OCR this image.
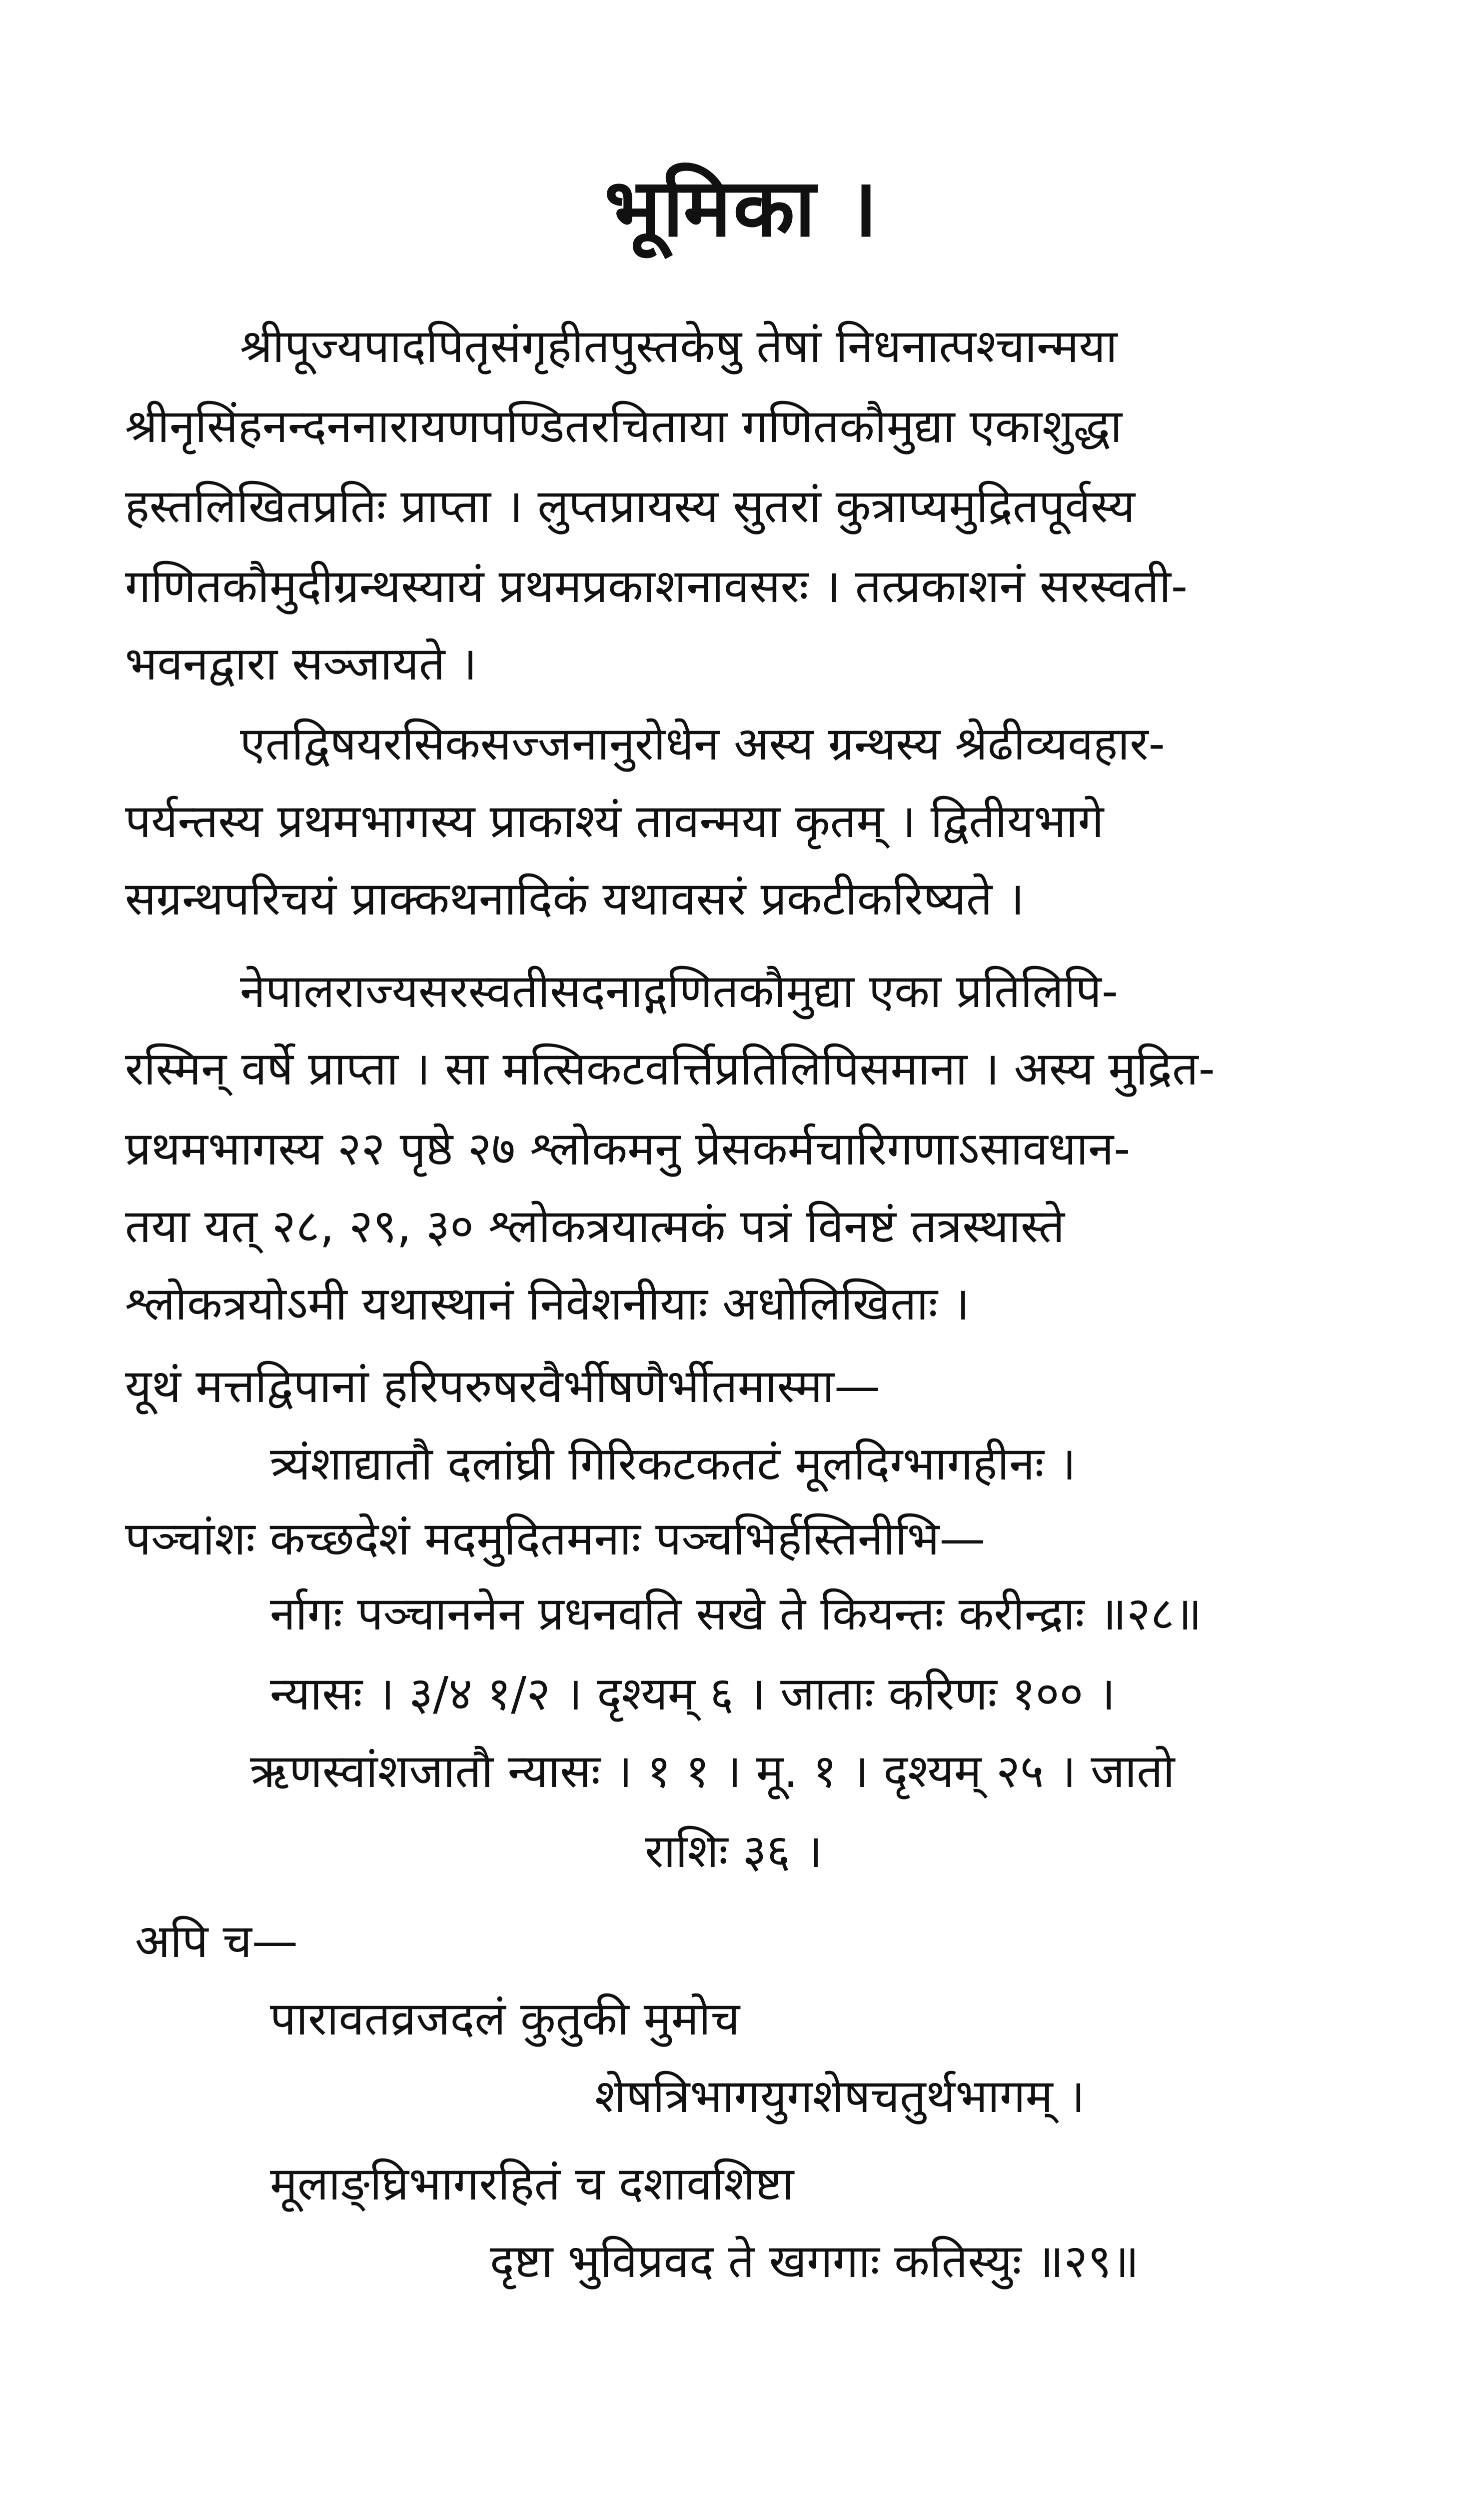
भूमिका ।
श्रीपूज्यपादपितृसंगृहीतपुस्तकेषु तेषां निधनात्पश्चान्मया
श्रीनृसिंहनन्दननारायणपण्डितरचिताया गणितकौमुद्या एकाशुद्धा
हस्तलिखितप्रतिः प्राप्ता । लुप्तप्रायस्य सुतरां कुत्राप्यमुद्रितपूर्वस्य
गणितकौमुदीग्रन्थस्यायं प्रथमप्रकाशनावसरः । तत्प्रकाशनं सरस्वती-
भवनद्वारा सञ्जायते ।
एतद्विषयरसिकसज्जनानुरोधेन अस्य ग्रन्थस्य श्रेढीव्यवहार-
पर्यन्तस्य प्रथमभागस्य प्राकाश्यं तावन्मया कृतम् । द्वितीयभागे
सग्रन्थपरिचयं प्राक्कथनादिकं यथावसरं प्रकटीकरिष्यते ।
नेपालराज्यसरस्वतीसदनाद्गणितकौमुद्या एका प्रतिलिपि-
रस्मिन् वर्षे प्राप्ता । सा मत्सिकटवर्त्तिप्रतिलिपिसमाना । अस्य मुद्रित-
प्रथमभागस्य २२ पृष्ठे २७ श्लोकमनु प्रेसकर्मचारिगणाऽसावधान-
तया यत् २८, २९, ३० श्लोकत्रयात्मकं पत्रं विनष्टं तत्रस्थास्ते
श्लोकत्रयोऽमी यथास्थानं निवेशनीयाः अधोलिखिताः ।
यूथं मत्तद्विपानां हरिपरुषरवैर्भीषणैर्भीतमास्मा—
त्र्यंशाद्यातौ दलांघ्री गिरिकटकतटं मूलदिग्भागहीनः ।
पञ्चांशः कच्छदेशं मदमुदितमनाः पञ्चभिर्हस्तिनीभि—
र्नागः पञ्चाननेन प्रधनवति सखे ते कियन्तः करीन्द्राः ॥२८॥
न्यासः । ३/४ १/२ । दृश्यम् ६ । जाताः करिणः १०० ।
ऋणस्वांशजातौ न्यासः । १ १ । मू. १ । दृश्यम् २५ । जातो
राशिः ३६ ।
अपि च—
पारावतव्रजदलं कुतुकी मुमोच
शेषत्रिभागयुगशेषचतुर्थभागम् ।
मूलाङ्घ्रिभागरहितं च दशावशिष्टा
दृष्टा भुविप्रवद ते खगगाः कतिस्युः ॥२९॥
